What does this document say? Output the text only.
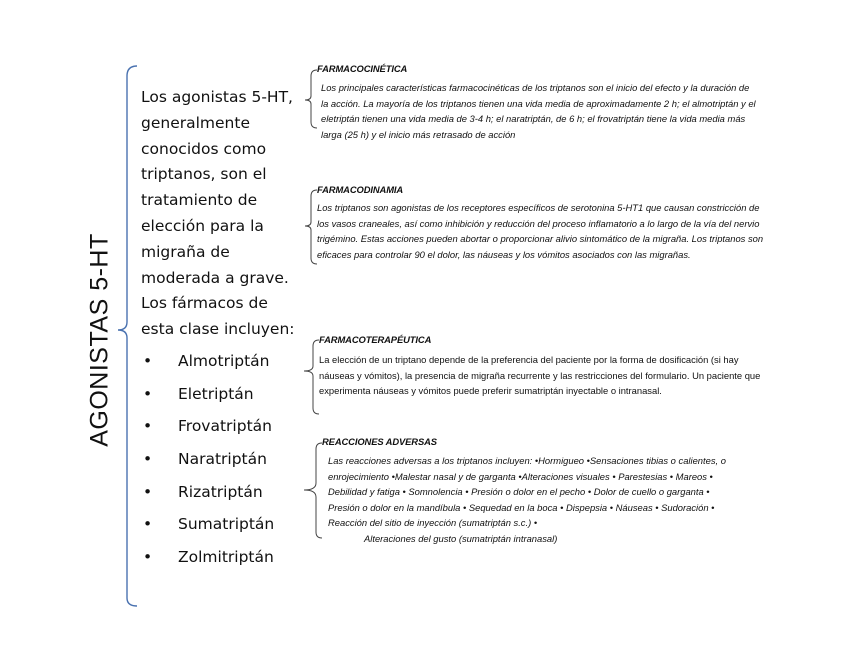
AGONISTAS 5-HT
Los agonistas 5-HT, generalmente conocidos como triptanos, son el tratamiento de elección para la migraña de moderada a grave. Los fármacos de esta clase incluyen:
• Almotriptán
• Eletriptán
• Frovatriptán
• Naratriptán
• Rizatriptán
• Sumatriptán
• Zolmitriptán
FARMACOCINÉTICA
Los principales características farmacocinéticas de los triptanos son el inicio del efecto y la duración de la acción. La mayoría de los triptanos tienen una vida media de aproximadamente 2 h; el almotriptán y el eletriptán tienen una vida media de 3-4 h; el naratriptán, de 6 h; el frovatriptán tiene la vida media más larga (25 h) y el inicio más retrasado de acción
FARMACODINAMIA
Los triptanos son agonistas de los receptores específicos de serotonina 5-HT1 que causan constricción de los vasos craneales, así como inhibición y reducción del proceso inflamatorio a lo largo de la vía del nervio trigémino. Estas acciones pueden abortar o proporcionar alivio sintomático de la migraña. Los triptanos son eficaces para controlar 90 el dolor, las náuseas y los vómitos asociados con las migrañas.
FARMACOTERAPÉUTICA
La elección de un triptano depende de la preferencia del paciente por la forma de dosificación (si hay náuseas y vómitos), la presencia de migraña recurrente y las restricciones del formulario. Un paciente que experimenta náuseas y vómitos puede preferir sumatriptán inyectable o intranasal.
REACCIONES ADVERSAS
Las reacciones adversas a los triptanos incluyen: •Hormigueo •Sensaciones tibias o calientes, o enrojecimiento •Malestar nasal y de garganta •Alteraciones visuales • Parestesias • Mareos • Debilidad y fatiga • Somnolencia • Presión o dolor en el pecho • Dolor de cuello o garganta • Presión o dolor en la mandíbula • Sequedad en la boca • Dispepsia • Náuseas • Sudoración • Reacción del sitio de inyección (sumatriptán s.c.) •
Alteraciones del gusto (sumatriptán intranasal)
